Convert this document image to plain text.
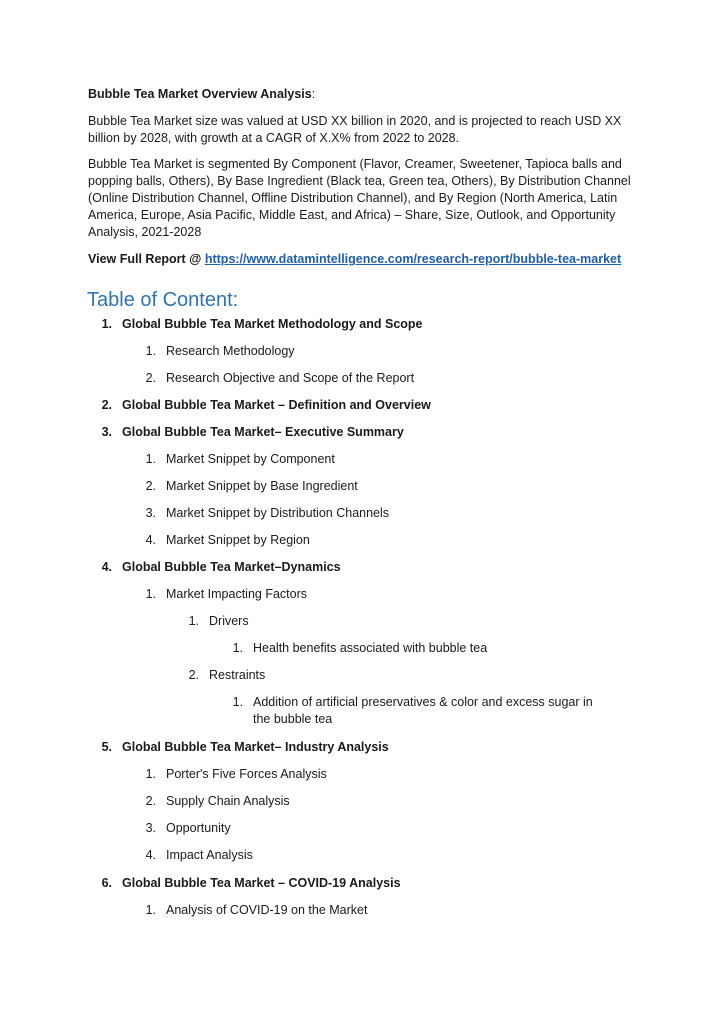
Bubble Tea Market Overview Analysis:

Bubble Tea Market size was valued at USD XX billion in 2020, and is projected to reach USD XX billion by 2028, with growth at a CAGR of X.X% from 2022 to 2028.

Bubble Tea Market is segmented By Component (Flavor, Creamer, Sweetener, Tapioca balls and popping balls, Others), By Base Ingredient (Black tea, Green tea, Others), By Distribution Channel (Online Distribution Channel, Offline Distribution Channel), and By Region (North America, Latin America, Europe, Asia Pacific, Middle East, and Africa) – Share, Size, Outlook, and Opportunity Analysis, 2021-2028

View Full Report @ https://www.datamintelligence.com/research-report/bubble-tea-market

Table of Content:
1. Global Bubble Tea Market Methodology and Scope
1. Research Methodology
2. Research Objective and Scope of the Report
2. Global Bubble Tea Market – Definition and Overview
3. Global Bubble Tea Market– Executive Summary
1. Market Snippet by Component
2. Market Snippet by Base Ingredient
3. Market Snippet by Distribution Channels
4. Market Snippet by Region
4. Global Bubble Tea Market–Dynamics
1. Market Impacting Factors
1. Drivers
1. Health benefits associated with bubble tea
2. Restraints
1. Addition of artificial preservatives & color and excess sugar in the bubble tea
5. Global Bubble Tea Market– Industry Analysis
1. Porter's Five Forces Analysis
2. Supply Chain Analysis
3. Opportunity
4. Impact Analysis
6. Global Bubble Tea Market – COVID-19 Analysis
1. Analysis of COVID-19 on the Market
